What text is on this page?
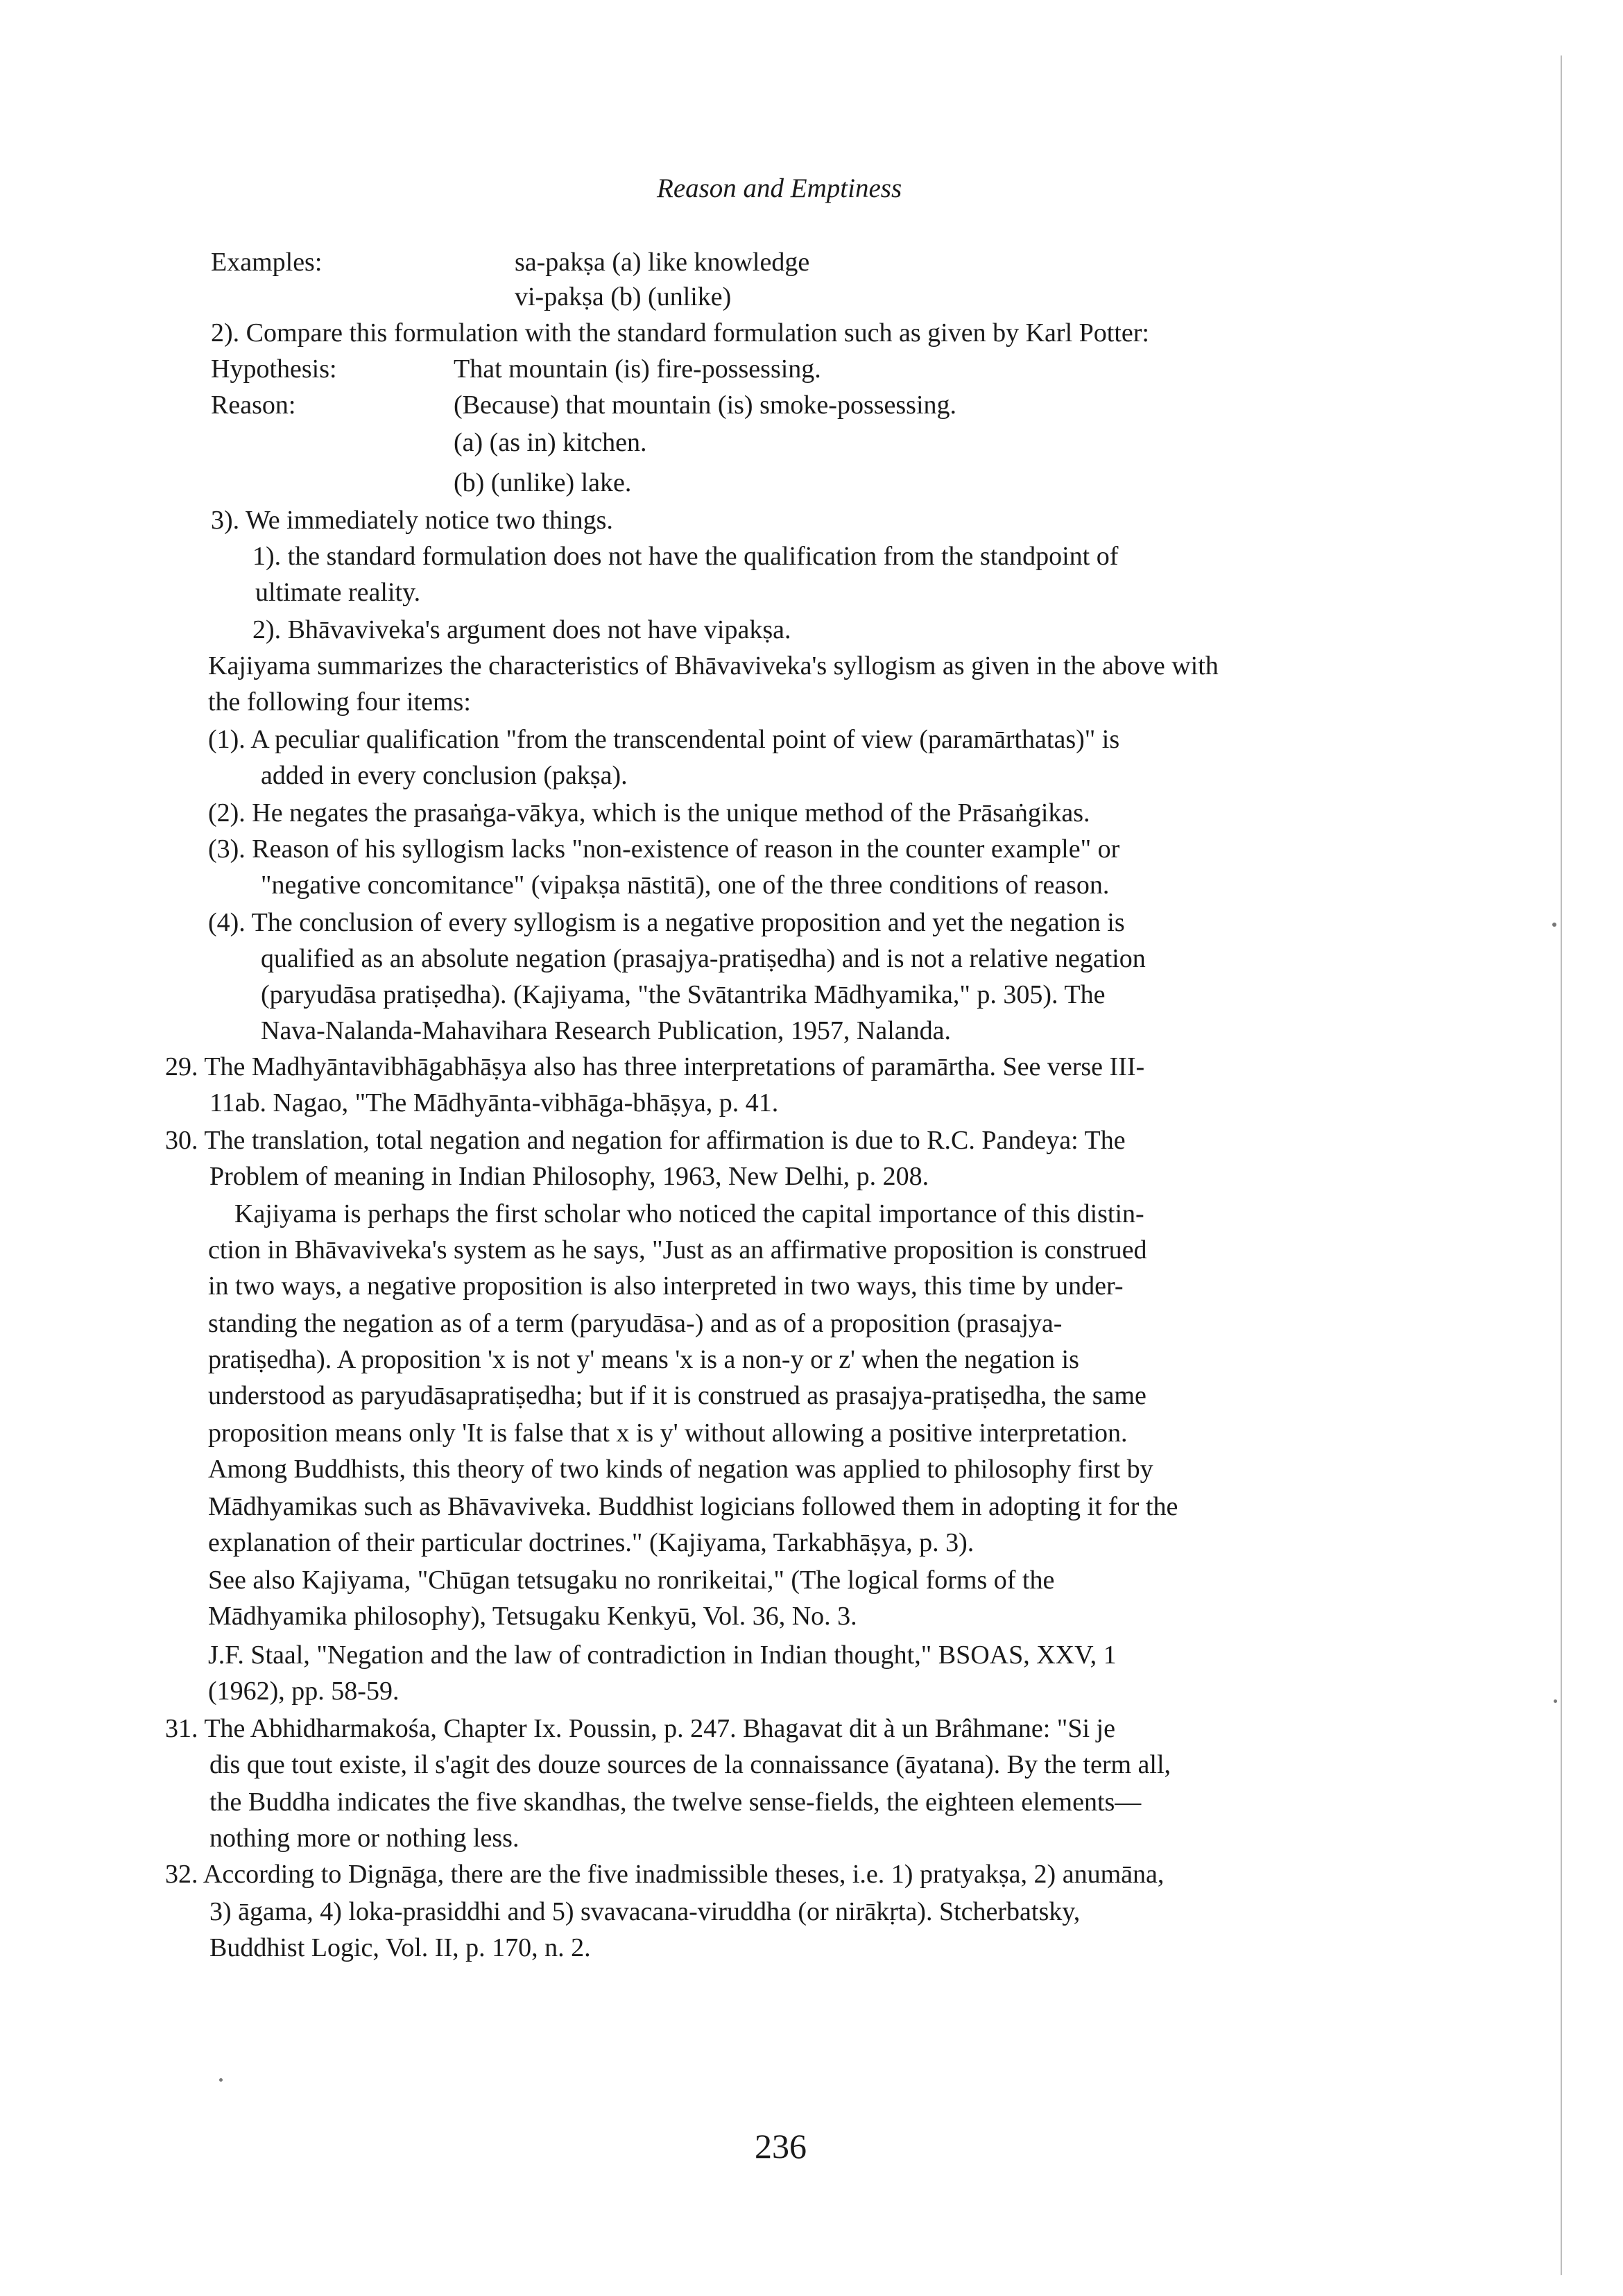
Reason and Emptiness
Examples:	sa-pakṣa (a) like knowledge
vi-pakṣa (b) (unlike)
2). Compare this formulation with the standard formulation such as given by Karl Potter:
Hypothesis:	That mountain (is) fire-possessing.
Reason:	(Because) that mountain (is) smoke-possessing.
(a) (as in) kitchen.
(b) (unlike) lake.
3). We immediately notice two things.
1). the standard formulation does not have the qualification from the standpoint of
ultimate reality.
2). Bhāvaviveka's argument does not have vipakṣa.
Kajiyama summarizes the characteristics of Bhāvaviveka's syllogism as given in the above with
the following four items:
(1). A peculiar qualification "from the transcendental point of view (paramārthatas)" is
added in every conclusion (pakṣa).
(2). He negates the prasaṅga-vākya, which is the unique method of the Prāsaṅgikas.
(3). Reason of his syllogism lacks "non-existence of reason in the counter example" or
"negative concomitance" (vipakṣa nāstitā), one of the three conditions of reason.
(4). The conclusion of every syllogism is a negative proposition and yet the negation is
qualified as an absolute negation (prasajya-pratiṣedha) and is not a relative negation
(paryudāsa pratiṣedha). (Kajiyama, "the Svātantrika Mādhyamika," p. 305). The
Nava-Nalanda-Mahavihara Research Publication, 1957, Nalanda.
29. The Madhyāntavibhāgabhāṣya also has three interpretations of paramārtha. See verse III-
11ab. Nagao, "The Mādhyānta-vibhāga-bhāṣya, p. 41.
30. The translation, total negation and negation for affirmation is due to R.C. Pandeya: The
Problem of meaning in Indian Philosophy, 1963, New Delhi, p. 208.
Kajiyama is perhaps the first scholar who noticed the capital importance of this distin-
ction in Bhāvaviveka's system as he says, "Just as an affirmative proposition is construed
in two ways, a negative proposition is also interpreted in two ways, this time by under-
standing the negation as of a term (paryudāsa-) and as of a proposition (prasajya-
pratiṣedha). A proposition 'x is not y' means 'x is a non-y or z' when the negation is
understood as paryudāsapratiṣedha; but if it is construed as prasajya-pratiṣedha, the same
proposition means only 'It is false that x is y' without allowing a positive interpretation.
Among Buddhists, this theory of two kinds of negation was applied to philosophy first by
Mādhyamikas such as Bhāvaviveka. Buddhist logicians followed them in adopting it for the
explanation of their particular doctrines." (Kajiyama, Tarkabhāṣya, p. 3).
See also Kajiyama, "Chūgan tetsugaku no ronrikeitai," (The logical forms of the
Mādhyamika philosophy), Tetsugaku Kenkyū, Vol. 36, No. 3.
J.F. Staal, "Negation and the law of contradiction in Indian thought," BSOAS, XXV, 1
(1962), pp. 58-59.
31. The Abhidharmakośa, Chapter Ix. Poussin, p. 247. Bhagavat dit à un Brâhmane: "Si je
dis que tout existe, il s'agit des douze sources de la connaissance (āyatana). By the term all,
the Buddha indicates the five skandhas, the twelve sense-fields, the eighteen elements—
nothing more or nothing less.
32. According to Dignāga, there are the five inadmissible theses, i.e. 1) pratyakṣa, 2) anumāna,
3) āgama, 4) loka-prasiddhi and 5) svavacana-viruddha (or nirākṛta). Stcherbatsky,
Buddhist Logic, Vol. II, p. 170, n. 2.
236
